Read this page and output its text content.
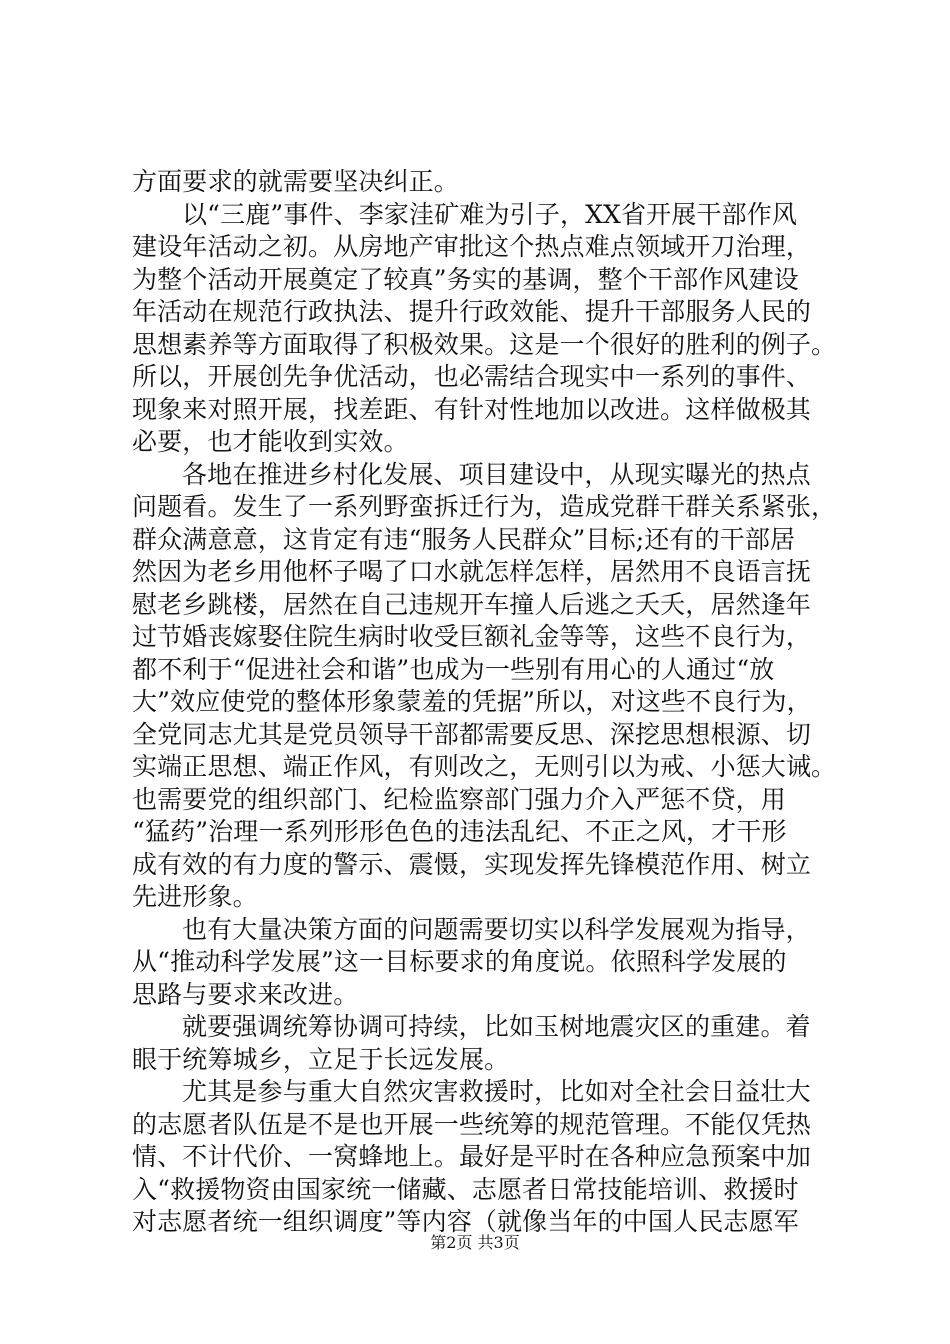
方面要求的就需要坚决纠正。
以“三鹿”事件、李家洼矿难为引子，XX省开展干部作风
建设年活动之初。从房地产审批这个热点难点领域开刀治理，
为整个活动开展奠定了较真”务实的基调，整个干部作风建设
年活动在规范行政执法、提升行政效能、提升干部服务人民的
思想素养等方面取得了积极效果。这是一个很好的胜利的例子。
所以，开展创先争优活动，也必需结合现实中一系列的事件、
现象来对照开展，找差距、有针对性地加以改进。这样做极其
必要，也才能收到实效。
各地在推进乡村化发展、项目建设中，从现实曝光的热点
问题看。发生了一系列野蛮拆迁行为，造成党群干群关系紧张，
群众满意意，这肯定有违“服务人民群众”目标;还有的干部居
然因为老乡用他杯子喝了口水就怎样怎样，居然用不良语言抚
慰老乡跳楼，居然在自己违规开车撞人后逃之夭夭，居然逢年
过节婚丧嫁娶住院生病时收受巨额礼金等等，这些不良行为，
都不利于“促进社会和谐”也成为一些别有用心的人通过“放
大”效应使党的整体形象蒙羞的凭据”所以，对这些不良行为，
全党同志尤其是党员领导干部都需要反思、深挖思想根源、切
实端正思想、端正作风，有则改之，无则引以为戒、小惩大诫。
也需要党的组织部门、纪检监察部门强力介入严惩不贷，用
“猛药”治理一系列形形色色的违法乱纪、不正之风，才干形
成有效的有力度的警示、震慑，实现发挥先锋模范作用、树立
先进形象。
也有大量决策方面的问题需要切实以科学发展观为指导，
从“推动科学发展”这一目标要求的角度说。依照科学发展的
思路与要求来改进。
就要强调统筹协调可持续，比如玉树地震灾区的重建。着
眼于统筹城乡，立足于长远发展。
尤其是参与重大自然灾害救援时，比如对全社会日益壮大
的志愿者队伍是不是也开展一些统筹的规范管理。不能仅凭热
情、不计代价、一窝蜂地上。最好是平时在各种应急预案中加
入“救援物资由国家统一储藏、志愿者日常技能培训、救援时
对志愿者统一组织调度”等内容（就像当年的中国人民志愿军
第2页 共3页
